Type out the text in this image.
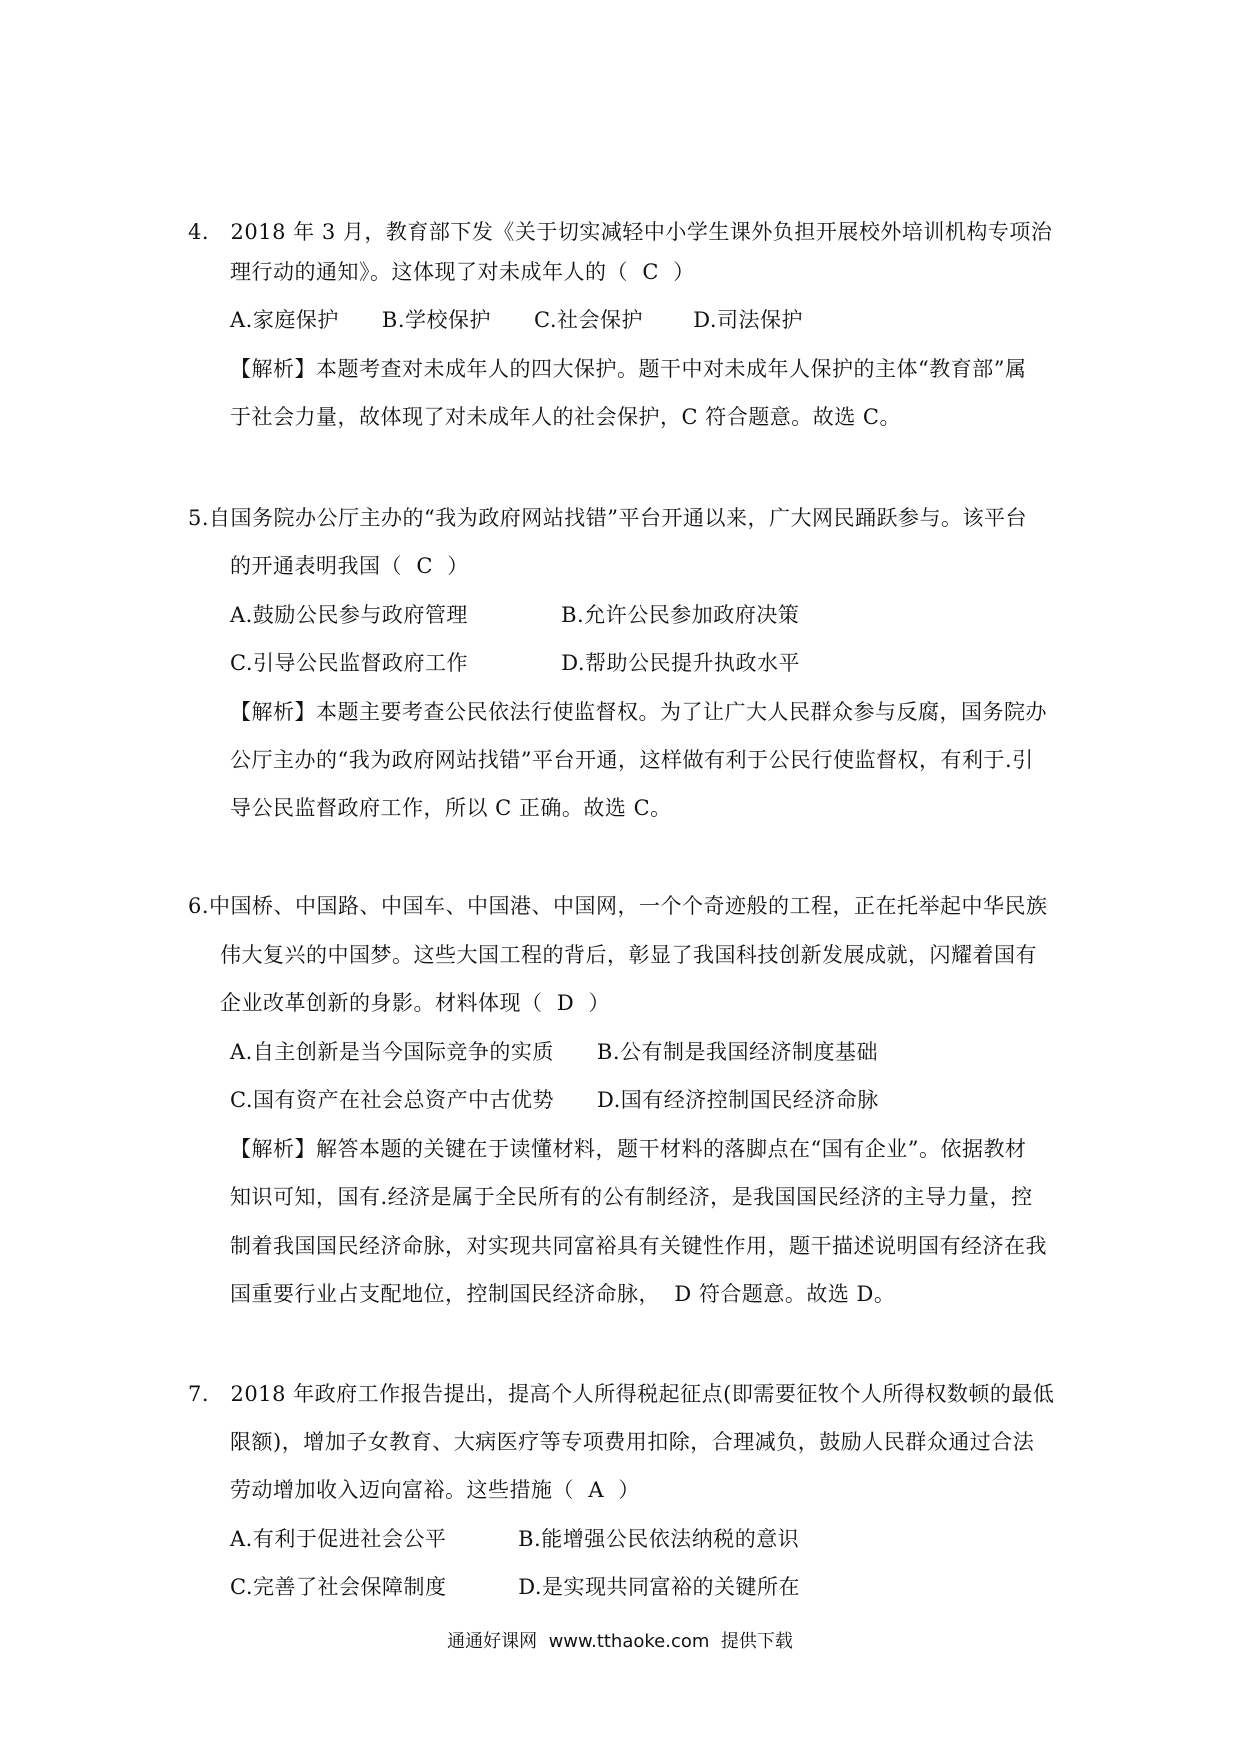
4.   2018 年 3 月，教育部下发《关于切实减轻中小学生课外负担开展校外培训机构专项治
理行动的通知》。这体现了对未成年人的（  C  ）
A.家庭保护      B.学校保护      C.社会保护       D.司法保护
【解析】本题考查对未成年人的四大保护。题干中对未成年人保护的主体“教育部”属
于社会力量，故体现了对未成年人的社会保护，C 符合题意。故选 C。
5.自国务院办公厅主办的“我为政府网站找错”平台开通以来，广大网民踊跃参与。该平台
的开通表明我国（  C  ）
A.鼓励公民参与政府管理             B.允许公民参加政府决策
C.引导公民监督政府工作             D.帮助公民提升执政水平
【解析】本题主要考查公民依法行使监督权。为了让广大人民群众参与反腐，国务院办
公厅主办的“我为政府网站找错”平台开通，这样做有利于公民行使监督权，有利于.引
导公民监督政府工作，所以 C 正确。故选 C。
6.中国桥、中国路、中国车、中国港、中国网，一个个奇迹般的工程，正在托举起中华民族
伟大复兴的中国梦。这些大国工程的背后，彰显了我国科技创新发展成就，闪耀着国有
企业改革创新的身影。材料体现（  D  ）
A.自主创新是当今国际竞争的实质      B.公有制是我国经济制度基础
C.国有资产在社会总资产中古优势      D.国有经济控制国民经济命脉
【解析】解答本题的关键在于读懂材料，题干材料的落脚点在“国有企业”。依据教材
知识可知，国有.经济是属于全民所有的公有制经济，是我国国民经济的主导力量，控
制着我国国民经济命脉，对实现共同富裕具有关键性作用，题干描述说明国有经济在我
国重要行业占支配地位，控制国民经济命脉，  D 符合题意。故选 D。
7.   2018 年政府工作报告提出，提高个人所得税起征点(即需要征牧个人所得权数顿的最低
限额)，增加子女教育、大病医疗等专项费用扣除，合理减负，鼓励人民群众通过合法
劳动增加收入迈向富裕。这些措施（  A  ）
A.有利于促进社会公平          B.能增强公民依法纳税的意识
C.完善了社会保障制度          D.是实现共同富裕的关键所在
通通好课网  www.tthaoke.com  提供下载
